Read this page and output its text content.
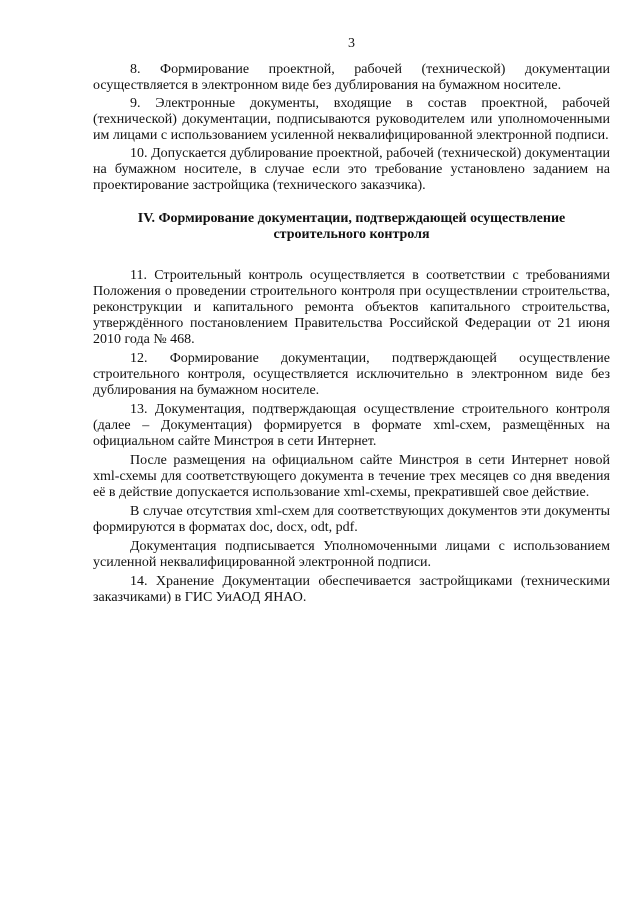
3

8. Формирование проектной, рабочей (технической) документации осуществляется в электронном виде без дублирования на бумажном носителе.

9. Электронные документы, входящие в состав проектной, рабочей (технической) документации, подписываются руководителем или уполномоченными им лицами с использованием усиленной неквалифицированной электронной подписи.

10. Допускается дублирование проектной, рабочей (технической) документации на бумажном носителе, в случае если это требование установлено заданием на проектирование застройщика (технического заказчика).

IV. Формирование документации, подтверждающей осуществление
строительного контроля

11. Строительный контроль осуществляется в соответствии с требованиями Положения о проведении строительного контроля при осуществлении строительства, реконструкции и капитального ремонта объектов капитального строительства, утверждённого постановлением Правительства Российской Федерации от 21 июня 2010 года № 468.

12. Формирование документации, подтверждающей осуществление строительного контроля, осуществляется исключительно в электронном виде без дублирования на бумажном носителе.

13. Документация, подтверждающая осуществление строительного контроля (далее – Документация) формируется в формате xml-схем, размещённых на официальном сайте Минстроя в сети Интернет.

После размещения на официальном сайте Минстроя в сети Интернет новой xml-схемы для соответствующего документа в течение трех месяцев со дня введения её в действие допускается использование xml-схемы, прекратившей свое действие.

В случае отсутствия xml-схем для соответствующих документов эти документы формируются в форматах doc, docx, odt, pdf.

Документация подписывается Уполномоченными лицами с использованием усиленной неквалифицированной электронной подписи.

14. Хранение Документации обеспечивается застройщиками (техническими заказчиками) в ГИС УиАОД ЯНАО.
